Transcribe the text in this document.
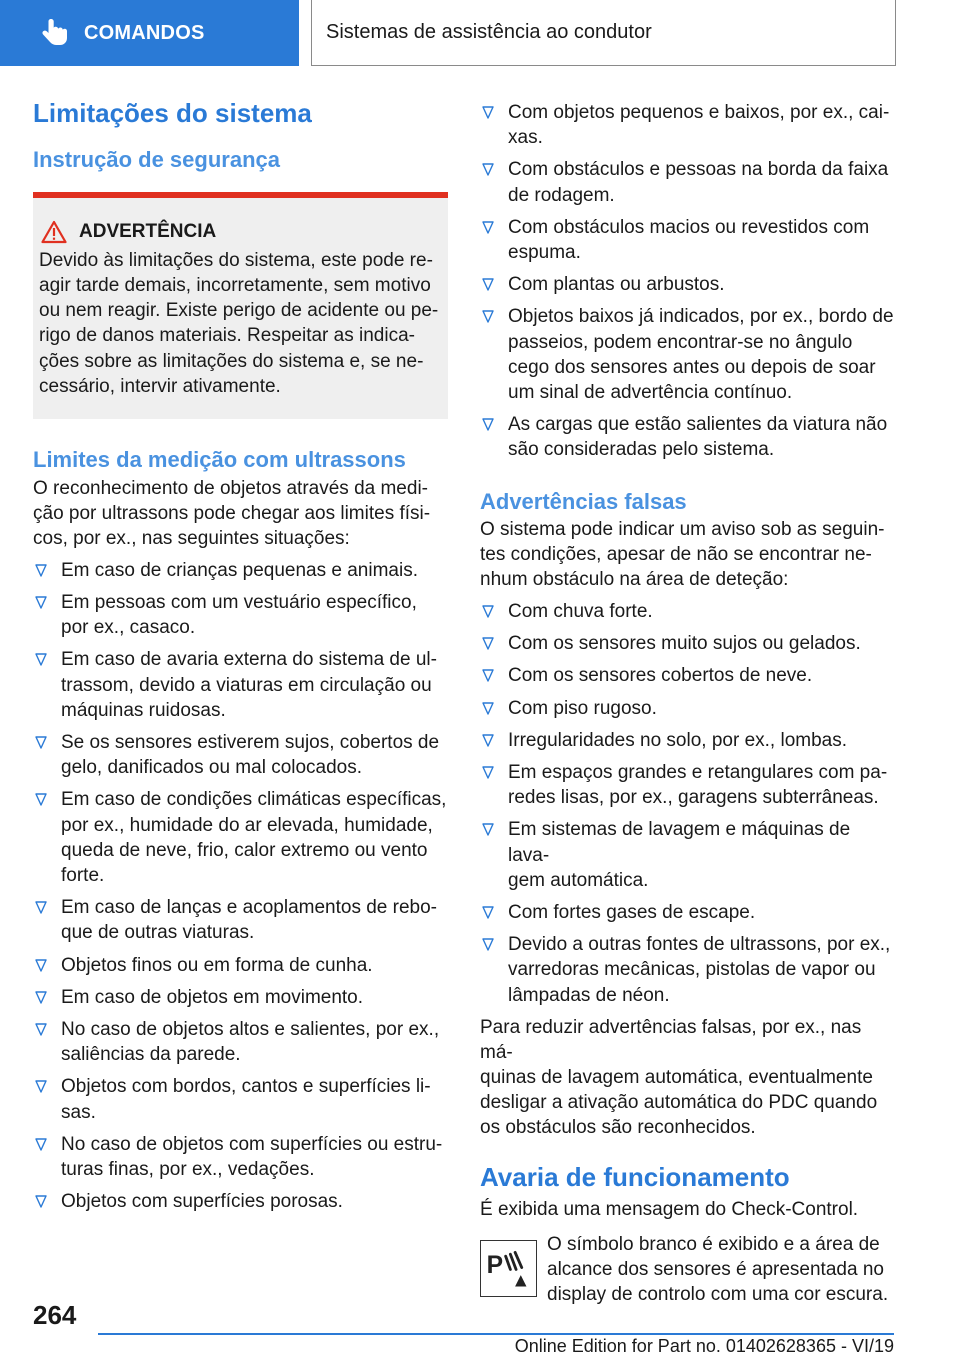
COMANDOS	Sistemas de assistência ao condutor
Limitações do sistema
Instrução de segurança
ADVERTÊNCIA

Devido às limitações do sistema, este pode re-
agir tarde demais, incorretamente, sem motivo
ou nem reagir. Existe perigo de acidente ou pe-
rigo de danos materiais. Respeitar as indica-
ções sobre as limitações do sistema e, se ne-
cessário, intervir ativamente.

Limites da medição com ultrassons

O reconhecimento de objetos através da medi-
ção por ultrassons pode chegar aos limites físi-
cos, por ex., nas seguintes situações:

Em caso de crianças pequenas e animais.
Em pessoas com um vestuário específico,
por ex., casaco.
Em caso de avaria externa do sistema de ul-
trassom, devido a viaturas em circulação ou
máquinas ruidosas.
Se os sensores estiverem sujos, cobertos de
gelo, danificados ou mal colocados.
Em caso de condições climáticas específicas,
por ex., humidade do ar elevada, humidade,
queda de neve, frio, calor extremo ou vento
forte.
Em caso de lanças e acoplamentos de rebo-
que de outras viaturas.
Objetos finos ou em forma de cunha.
Em caso de objetos em movimento.
No caso de objetos altos e salientes, por ex.,
saliências da parede.
Objetos com bordos, cantos e superfícies li-
sas.
No caso de objetos com superfícies ou estru-
turas finas, por ex., vedações.
Objetos com superfícies porosas.
Com objetos pequenos e baixos, por ex., cai-
xas.
Com obstáculos e pessoas na borda da faixa
de rodagem.
Com obstáculos macios ou revestidos com
espuma.
Com plantas ou arbustos.
Objetos baixos já indicados, por ex., bordo de
passeios, podem encontrar-se no ângulo
cego dos sensores antes ou depois de soar
um sinal de advertência contínuo.
As cargas que estão salientes da viatura não
são consideradas pelo sistema.
Advertências falsas

O sistema pode indicar um aviso sob as seguin-
tes condições, apesar de não se encontrar ne-
nhum obstáculo na área de deteção:

Com chuva forte.
Com os sensores muito sujos ou gelados.
Com os sensores cobertos de neve.
Com piso rugoso.
Irregularidades no solo, por ex., lombas.
Em espaços grandes e retangulares com pa-
redes lisas, por ex., garagens subterrâneas.
Em sistemas de lavagem e máquinas de lava-
gem automática.
Com fortes gases de escape.
Devido a outras fontes de ultrassons, por ex.,
varredoras mecânicas, pistolas de vapor ou
lâmpadas de néon.

Para reduzir advertências falsas, por ex., nas má-
quinas de lavagem automática, eventualmente
desligar a ativação automática do PDC quando
os obstáculos são reconhecidos.

Avaria de funcionamento

É exibida uma mensagem do Check-Control.

P

O símbolo branco é exibido e a área de
alcance dos sensores é apresentada no
display de controlo com uma cor escura.

264
Online Edition for Part no. 01402628365 - VI/19
